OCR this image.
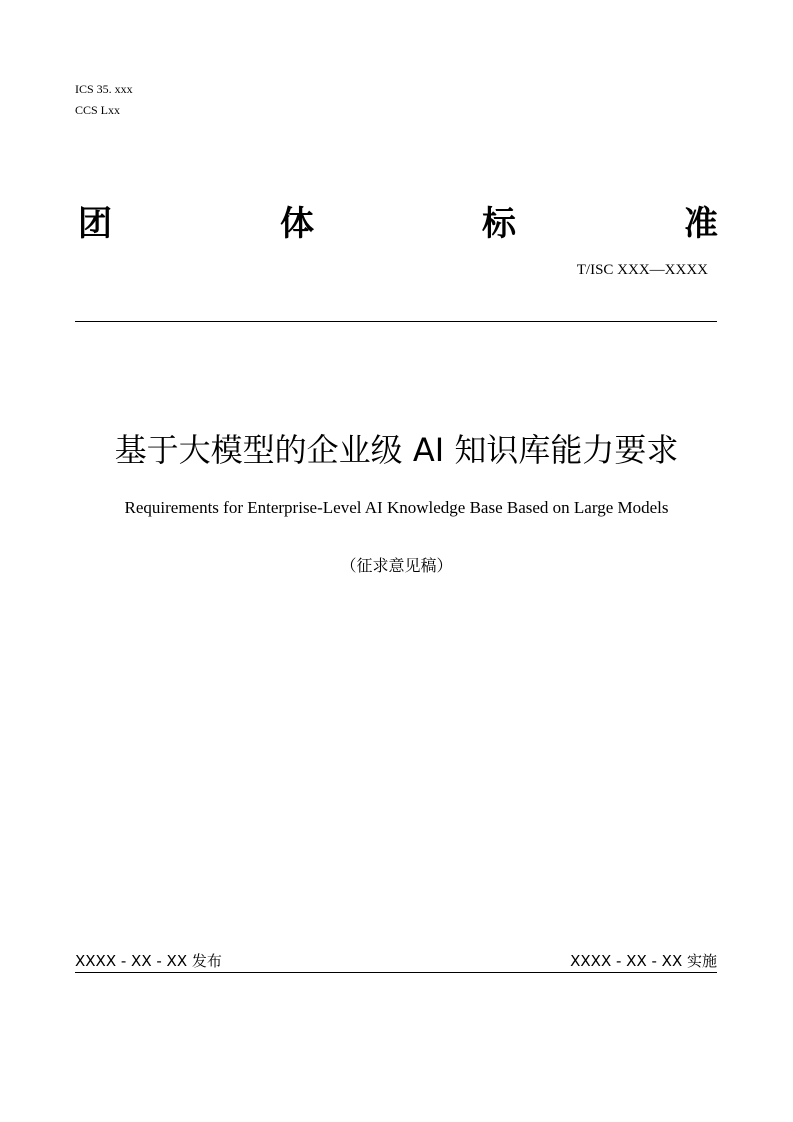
ICS 35. xxx
CCS Lxx
团	体	标	准
T/ISC XXX—XXXX
基于大模型的企业级 AI 知识库能力要求
Requirements for Enterprise-Level AI Knowledge Base Based on Large Models
（征求意见稿）
XXXX - XX - XX 发布	XXXX - XX - XX 实施
